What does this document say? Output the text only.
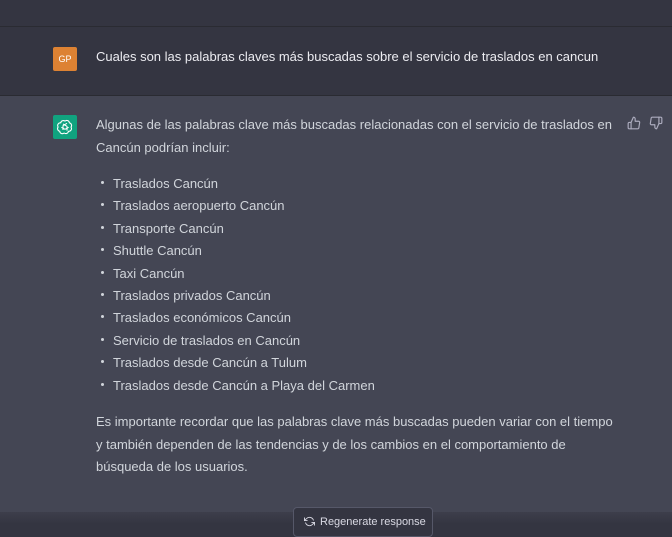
GP Cuales son las palabras claves más buscadas sobre el servicio de traslados en cancun

Algunas de las palabras clave más buscadas relacionadas con el servicio de traslados en Cancún podrían incluir:

Traslados Cancún
Traslados aeropuerto Cancún
Transporte Cancún
Shuttle Cancún
Taxi Cancún
Traslados privados Cancún
Traslados económicos Cancún
Servicio de traslados en Cancún
Traslados desde Cancún a Tulum
Traslados desde Cancún a Playa del Carmen

Es importante recordar que las palabras clave más buscadas pueden variar con el tiempo y también dependen de las tendencias y de los cambios en el comportamiento de búsqueda de los usuarios.

Regenerate response
